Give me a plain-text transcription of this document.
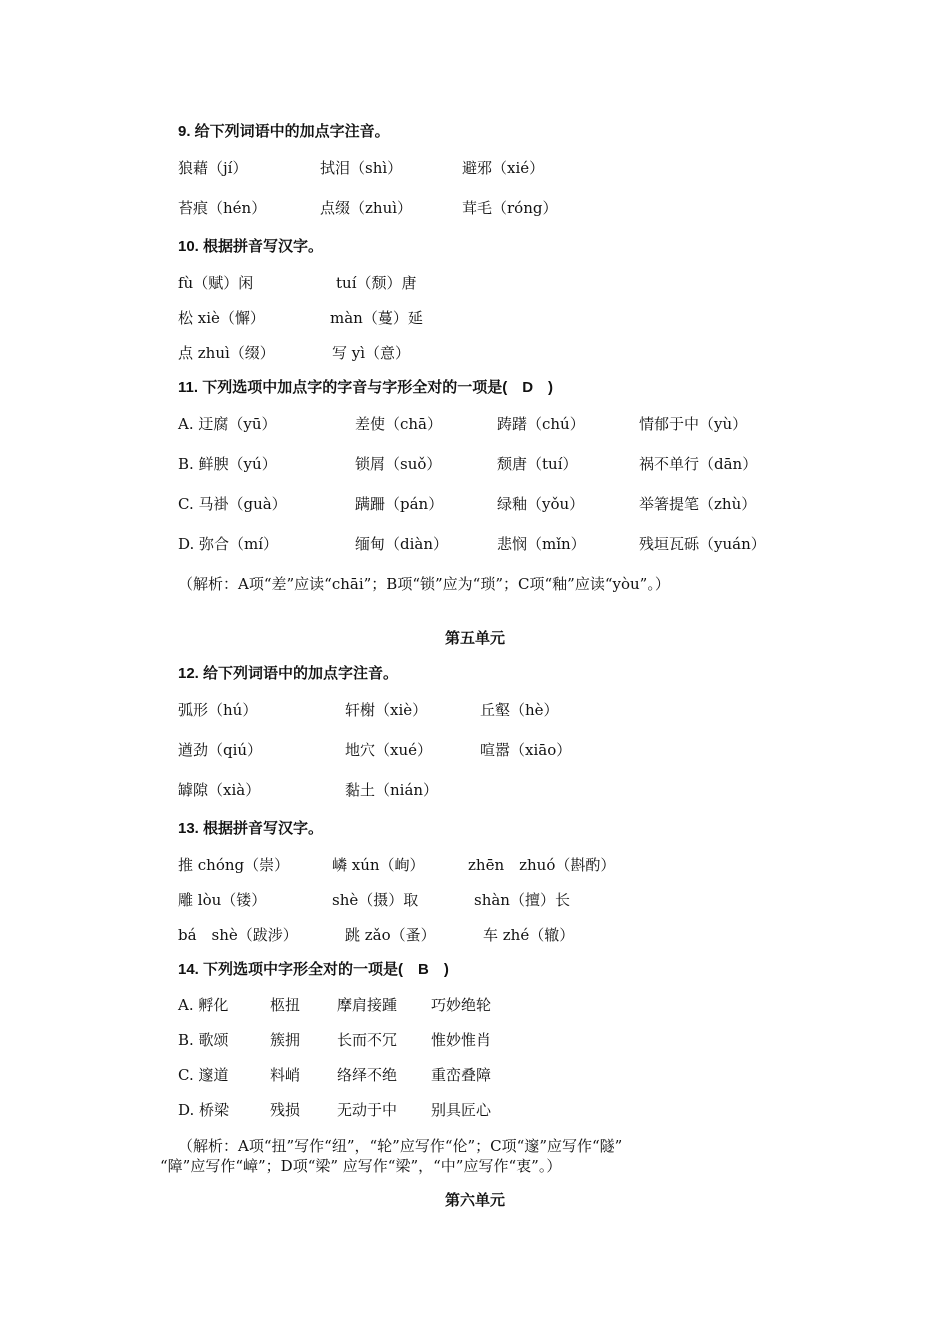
9. 给下列词语中的加点字注音。
狼藉（jí）	拭泪（shì）	避邪（xié）
苔痕（hén）	点缀（zhuì）	茸毛（róng）
10. 根据拼音写汉字。
fù（赋）闲	tuí（颓）唐
松 xiè（懈）	màn（蔓）延
点 zhuì（缀）	写 yì（意）
11. 下列选项中加点字的字音与字形全对的一项是(　D　)
A. 迂腐（yū）	差使（chā）	踌躇（chú）	情郁于中（yù）
B. 鲜腴（yú）	锁屑（suǒ）	颓唐（tuí）	祸不单行（dān）
C. 马褂（guà）	蹒跚（pán）	绿釉（yǒu）	举箸提笔（zhù）
D. 弥合（mí）	缅甸（diàn）	悲悯（mǐn）	残垣瓦砾（yuán）
（解析：A项“差”应读“chāi”；B项“锁”应为“琐”；C项“釉”应读“yòu”。）
第五单元
12. 给下列词语中的加点字注音。
弧形（hú）	轩榭（xiè）	丘壑（hè）
遒劲（qiú）	地穴（xué）	喧嚣（xiāo）
罅隙（xià）	黏土（nián）
13. 根据拼音写汉字。
推 chóng（崇）	嶙 xún（峋）	zhēn　zhuó（斟酌）
雕 lòu（镂）	shè（摄）取	shàn（擅）长
bá　shè（跋涉）	跳 zǎo（蚤）	车 zhé（辙）
14. 下列选项中字形全对的一项是(　B　)
A. 孵化	柩扭 摩肩接踵 巧妙绝轮
B. 歌颂	簇拥 长而不冗 惟妙惟肖
C. 邃道	料峭 络绎不绝 重峦叠障
D. 桥梁	残损 无动于中 别具匠心
（解析：A项“扭”写作“纽”，“轮”应写作“伦”；C项“邃”应写作“隧”
“障”应写作“嶂”；D项“梁” 应写作“梁”，“中”应写作“衷”。）
第六单元
